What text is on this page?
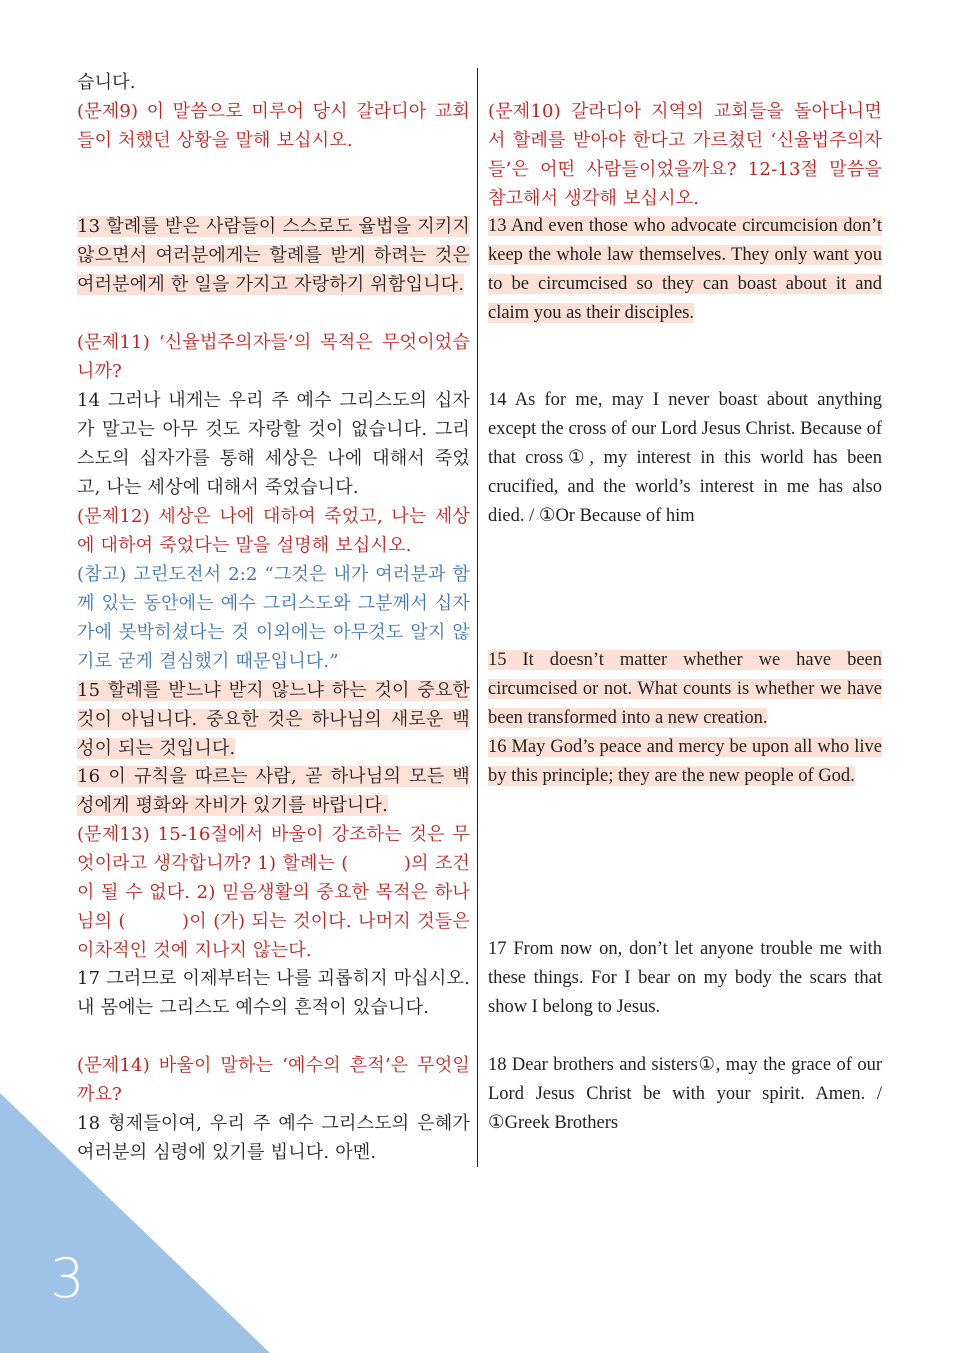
3

습니다.

(문제9) 이 말씀으로 미루어 당시 갈라디아 교회들이 처했던 상황을 말해 보십시오.

13 할례를 받은 사람들이 스스로도 율법을 지키지 않으면서 여러분에게는 할례를 받게 하려는 것은 여러분에게 한 일을 가지고 자랑하기 위함입니다.

(문제11) ‘신율법주의자들’의 목적은 무엇이었습니까?

14 그러나 내게는 우리 주 예수 그리스도의 십자가 말고는 아무 것도 자랑할 것이 없습니다. 그리스도의 십자가를 통해 세상은 나에 대해서 죽었고, 나는 세상에 대해서 죽었습니다.

(문제12) 세상은 나에 대하여 죽었고, 나는 세상에 대하여 죽었다는 말을 설명해 보십시오.

(참고) 고린도전서 2:2 “그것은 내가 여러분과 함께 있는 동안에는 예수 그리스도와 그분께서 십자가에 못박히셨다는 것 이외에는 아무것도 알지 않기로 굳게 결심했기 때문입니다.”

15 할례를 받느냐 받지 않느냐 하는 것이 중요한 것이 아닙니다. 중요한 것은 하나님의 새로운 백성이 되는 것입니다.

16 이 규칙을 따르는 사람, 곧 하나님의 모든 백성에게 평화와 자비가 있기를 바랍니다.

(문제13) 15-16절에서 바울이 강조하는 것은 무엇이라고 생각합니까? 1) 할례는 (　　　)의 조건이 될 수 없다. 2) 믿음생활의 중요한 목적은 하나님의 (　　　)이 (가) 되는 것이다. 나머지 것들은 이차적인 것에 지나지 않는다.

17 그러므로 이제부터는 나를 괴롭히지 마십시오. 내 몸에는 그리스도 예수의 흔적이 있습니다.

(문제14) 바울이 말하는 ‘예수의 흔적’은 무엇일까요?

18 형제들이여, 우리 주 예수 그리스도의 은혜가 여러분의 심령에 있기를 빕니다. 아멘.

(문제10) 갈라디아 지역의 교회들을 돌아다니면서 할례를 받아야 한다고 가르쳤던 ‘신율법주의자들’은 어떤 사람들이었을까요? 12-13절 말씀을 참고해서 생각해 보십시오.

13 And even those who advocate circumcision don’t keep the whole law themselves. They only want you to be circumcised so they can boast about it and claim you as their disciples.

14 As for me, may I never boast about anything except the cross of our Lord Jesus Christ. Because of that cross①, my interest in this world has been crucified, and the world’s interest in me has also died. / ①Or Because of him

15 It doesn’t matter whether we have been circumcised or not. What counts is whether we have been transformed into a new creation.

16 May God’s peace and mercy be upon all who live by this principle; they are the new people of God.

17 From now on, don’t let anyone trouble me with these things. For I bear on my body the scars that show I belong to Jesus.

18 Dear brothers and sisters①, may the grace of our Lord Jesus Christ be with your spirit. Amen. / ①Greek Brothers
